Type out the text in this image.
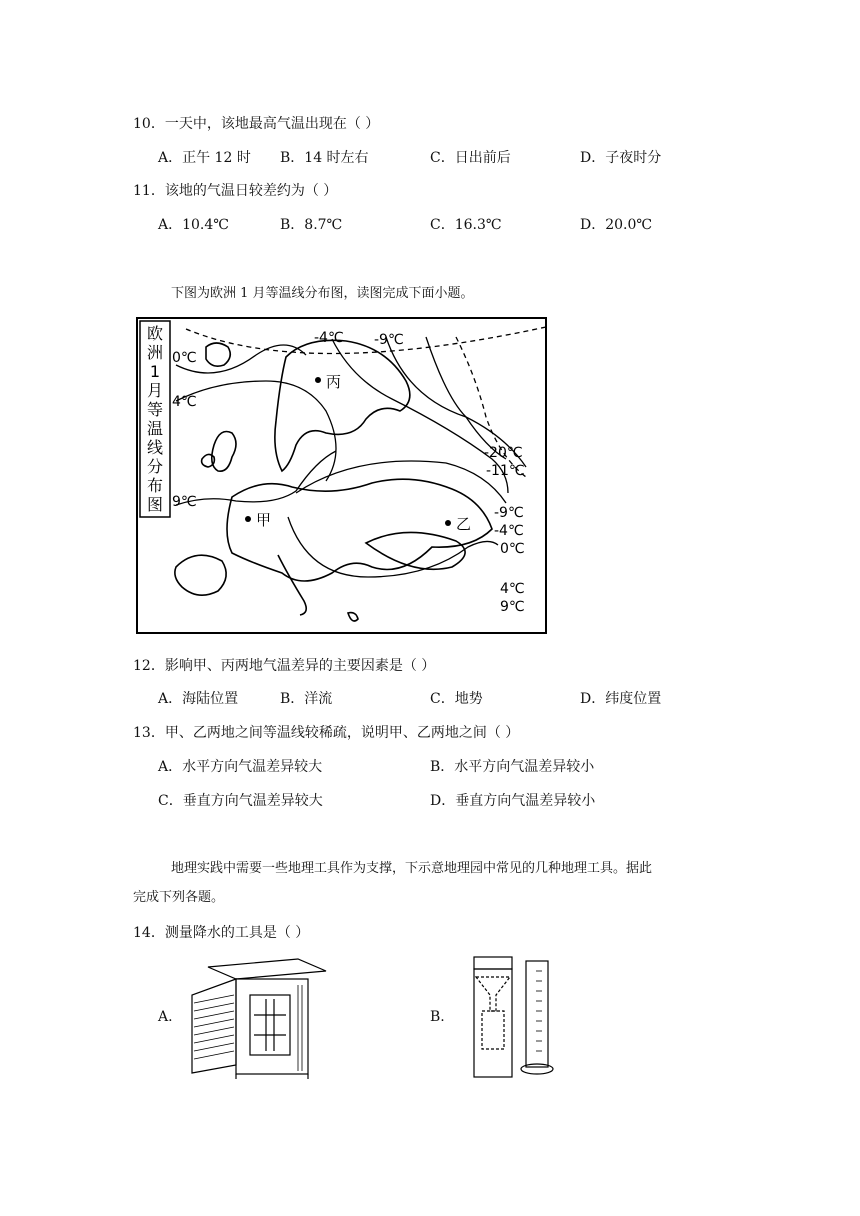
10．一天中，该地最高气温出现在（ ）
A．正午 12 时 B．14 时左右	C．日出前后	D．子夜时分
11．该地的气温日较差约为（ ）
A．10.4℃	B．8.7℃	C．16.3℃	D．20.0℃
下图为欧洲 1 月等温线分布图，读图完成下面小题。
欧
洲
1
月
等
温
线
分
布
图
甲
丙
乙
0℃
4℃
9℃
-4℃ -9℃
-20℃
-11℃
-9℃
-4℃
0℃
4℃
9℃
12．影响甲、丙两地气温差异的主要因素是（ ）
A．海陆位置	B．洋流	C．地势	D．纬度位置
13．甲、乙两地之间等温线较稀疏，说明甲、乙两地之间（ ）
A．水平方向气温差异较大	B．水平方向气温差异较小
C．垂直方向气温差异较大	D．垂直方向气温差异较小
地理实践中需要一些地理工具作为支撑，下示意地理园中常见的几种地理工具。据此
完成下列各题。
14．测量降水的工具是（ ）
A.	B.
